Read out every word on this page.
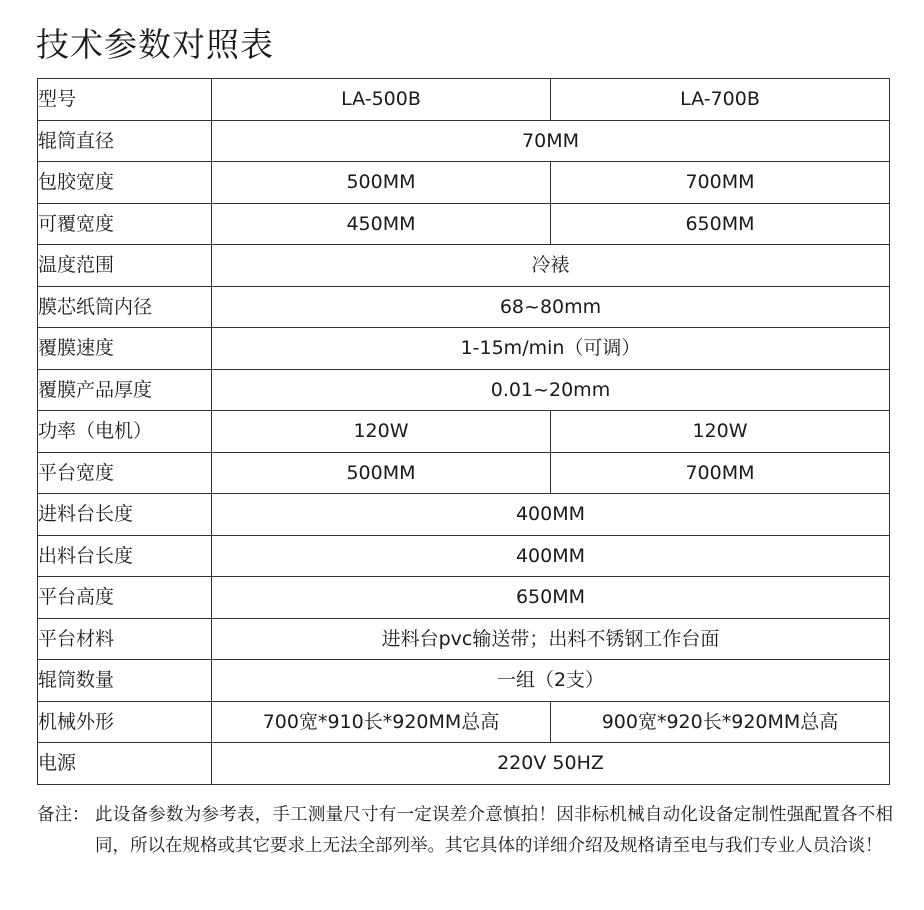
技术参数对照表
型号	LA-500B	LA-700B
辊筒直径	70MM	
包胶宽度	500MM	700MM
可覆宽度	450MM	650MM
温度范围	冷裱	
膜芯纸筒内径	68~80mm	
覆膜速度	1-15m/min（可调）	
覆膜产品厚度	0.01~20mm	
功率（电机）	120W	120W
平台宽度	500MM	700MM
进料台长度	400MM	
出料台长度	400MM	
平台高度	650MM	
平台材料	进料台pvc输送带；出料不锈钢工作台面	
辊筒数量	一组（2支）	
机械外形	700宽*910长*920MM总高	900宽*920长*920MM总高
电源	220V 50HZ	
备注： 此设备参数为参考表，手工测量尺寸有一定误差介意慎拍！因非标机械自动化设备定制性强配置各不相同，所以在规格或其它要求上无法全部列举。其它具体的详细介绍及规格请至电与我们专业人员洽谈！
